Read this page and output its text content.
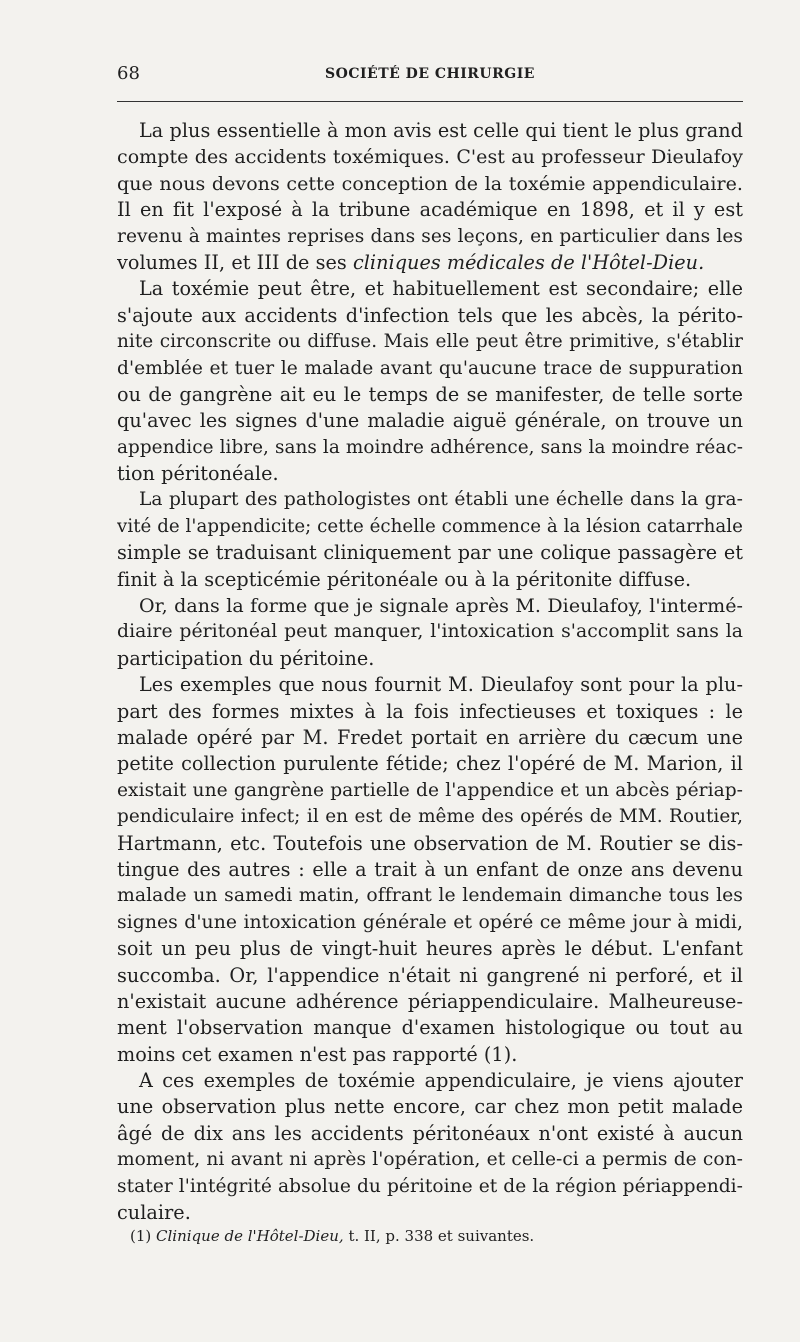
68	SOCIÉTÉ DE CHIRURGIE
La plus essentielle à mon avis est celle qui tient le plus grand
compte des accidents toxémiques. C'est au professeur Dieulafoy
que nous devons cette conception de la toxémie appendiculaire.
Il en fit l'exposé à la tribune académique en 1898, et il y est
revenu à maintes reprises dans ses leçons, en particulier dans les
volumes II, et III de ses cliniques médicales de l'Hôtel-Dieu.
La toxémie peut être, et habituellement est secondaire; elle
s'ajoute aux accidents d'infection tels que les abcès, la périto-
nite circonscrite ou diffuse. Mais elle peut être primitive, s'établir
d'emblée et tuer le malade avant qu'aucune trace de suppuration
ou de gangrène ait eu le temps de se manifester, de telle sorte
qu'avec les signes d'une maladie aiguë générale, on trouve un
appendice libre, sans la moindre adhérence, sans la moindre réac-
tion péritonéale.
La plupart des pathologistes ont établi une échelle dans la gra-
vité de l'appendicite; cette échelle commence à la lésion catarrhale
simple se traduisant cliniquement par une colique passagère et
finit à la scepticémie péritonéale ou à la péritonite diffuse.
Or, dans la forme que je signale après M. Dieulafoy, l'intermé-
diaire péritonéal peut manquer, l'intoxication s'accomplit sans la
participation du péritoine.
Les exemples que nous fournit M. Dieulafoy sont pour la plu-
part des formes mixtes à la fois infectieuses et toxiques : le
malade opéré par M. Fredet portait en arrière du cæcum une
petite collection purulente fétide; chez l'opéré de M. Marion, il
existait une gangrène partielle de l'appendice et un abcès périap-
pendiculaire infect; il en est de même des opérés de MM. Routier,
Hartmann, etc. Toutefois une observation de M. Routier se dis-
tingue des autres : elle a trait à un enfant de onze ans devenu
malade un samedi matin, offrant le lendemain dimanche tous les
signes d'une intoxication générale et opéré ce même jour à midi,
soit un peu plus de vingt-huit heures après le début. L'enfant
succomba. Or, l'appendice n'était ni gangrené ni perforé, et il
n'existait aucune adhérence périappendiculaire. Malheureuse-
ment l'observation manque d'examen histologique ou tout au
moins cet examen n'est pas rapporté (1).
A ces exemples de toxémie appendiculaire, je viens ajouter
une observation plus nette encore, car chez mon petit malade
âgé de dix ans les accidents péritonéaux n'ont existé à aucun
moment, ni avant ni après l'opération, et celle-ci a permis de con-
stater l'intégrité absolue du péritoine et de la région périappendi-
culaire.
(1) Clinique de l'Hôtel-Dieu, t. II, p. 338 et suivantes.
